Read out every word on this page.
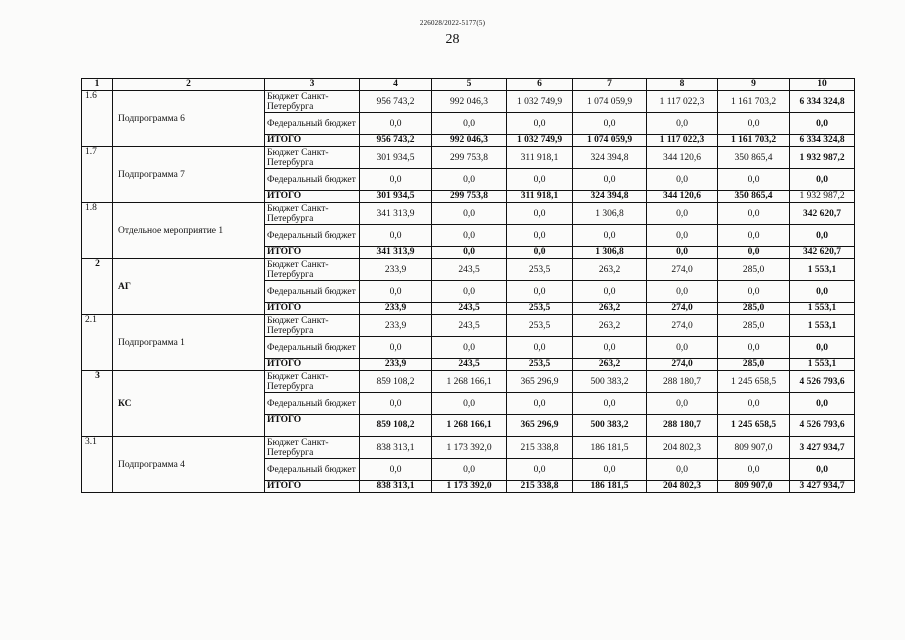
226028/2022-5177(5)
28
1	2	3	4	5	6	7	8	9	10
1.6	Подпрограмма 6	Бюджет Санкт-Петербурга	956 743,2	992 046,3	1 032 749,9	1 074 059,9	1 117 022,3	1 161 703,2	6 334 324,8
		Федеральный бюджет	0,0	0,0	0,0	0,0	0,0	0,0	0,0
		ИТОГО	956 743,2	992 046,3	1 032 749,9	1 074 059,9	1 117 022,3	1 161 703,2	6 334 324,8
1.7	Подпрограмма 7	Бюджет Санкт-Петербурга	301 934,5	299 753,8	311 918,1	324 394,8	344 120,6	350 865,4	1 932 987,2
		Федеральный бюджет	0,0	0,0	0,0	0,0	0,0	0,0	0,0
		ИТОГО	301 934,5	299 753,8	311 918,1	324 394,8	344 120,6	350 865,4	1 932 987,2
1.8	Отдельное мероприятие 1	Бюджет Санкт-Петербурга	341 313,9	0,0	0,0	1 306,8	0,0	0,0	342 620,7
		Федеральный бюджет	0,0	0,0	0,0	0,0	0,0	0,0	0,0
		ИТОГО	341 313,9	0,0	0,0	1 306,8	0,0	0,0	342 620,7
2	АГ	Бюджет Санкт-Петербурга	233,9	243,5	253,5	263,2	274,0	285,0	1 553,1
		Федеральный бюджет	0,0	0,0	0,0	0,0	0,0	0,0	0,0
		ИТОГО	233,9	243,5	253,5	263,2	274,0	285,0	1 553,1
2.1	Подпрограмма 1	Бюджет Санкт-Петербурга	233,9	243,5	253,5	263,2	274,0	285,0	1 553,1
		Федеральный бюджет	0,0	0,0	0,0	0,0	0,0	0,0	0,0
		ИТОГО	233,9	243,5	253,5	263,2	274,0	285,0	1 553,1
3	КС	Бюджет Санкт-Петербурга	859 108,2	1 268 166,1	365 296,9	500 383,2	288 180,7	1 245 658,5	4 526 793,6
		Федеральный бюджет	0,0	0,0	0,0	0,0	0,0	0,0	0,0
		ИТОГО	859 108,2	1 268 166,1	365 296,9	500 383,2	288 180,7	1 245 658,5	4 526 793,6
3.1	Подпрограмма 4	Бюджет Санкт-Петербурга	838 313,1	1 173 392,0	215 338,8	186 181,5	204 802,3	809 907,0	3 427 934,7
		Федеральный бюджет	0,0	0,0	0,0	0,0	0,0	0,0	0,0
		ИТОГО	838 313,1	1 173 392,0	215 338,8	186 181,5	204 802,3	809 907,0	3 427 934,7
